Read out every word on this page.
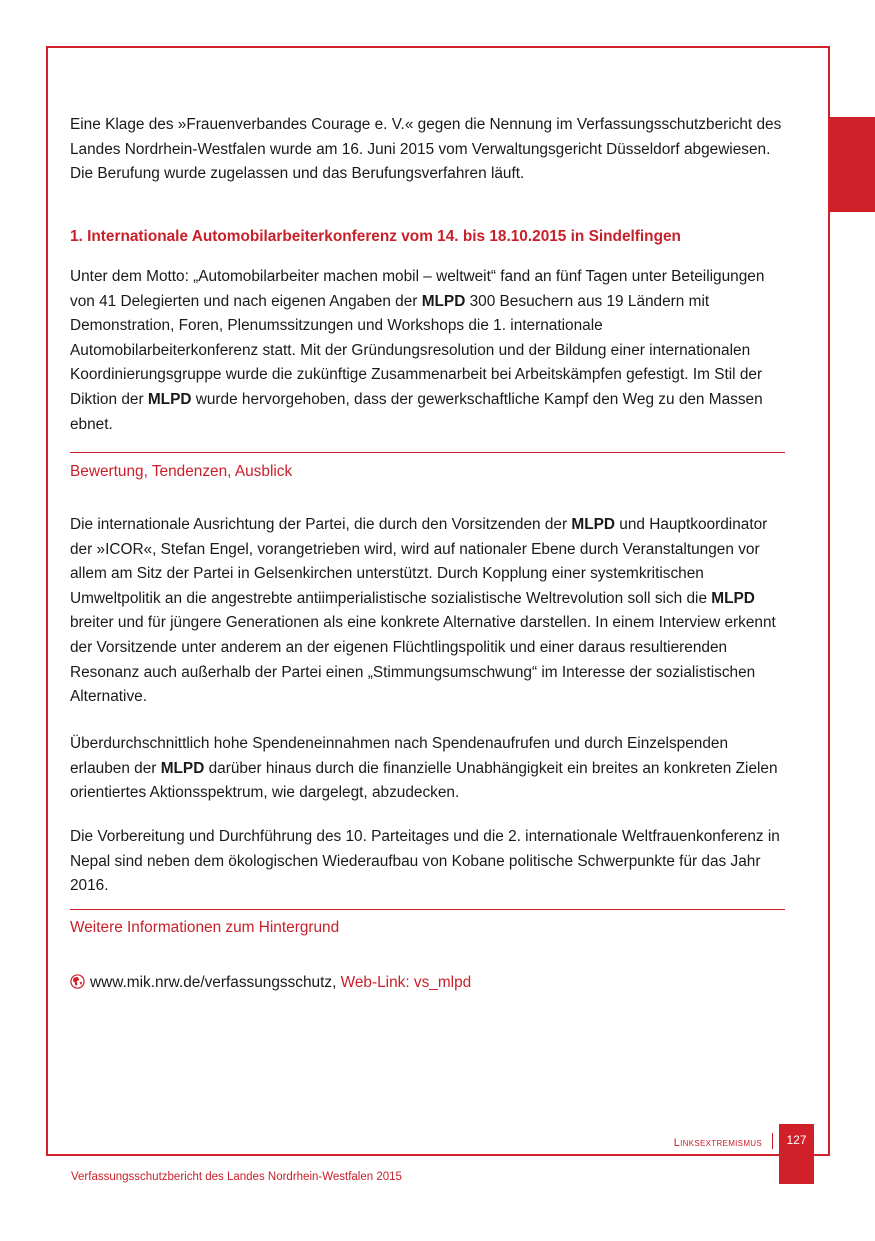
Eine Klage des »Frauenverbandes Courage e. V.« gegen die Nennung im Verfassungsschutzbericht des Landes Nordrhein-Westfalen wurde am 16. Juni 2015 vom Verwaltungsgericht Düsseldorf abgewiesen. Die Berufung wurde zugelassen und das Berufungsverfahren läuft.

1. Internationale Automobilarbeiterkonferenz vom 14. bis 18.10.2015 in Sindelfingen

Unter dem Motto: „Automobilarbeiter machen mobil – weltweit“ fand an fünf Tagen unter Beteiligungen von 41 Delegierten und nach eigenen Angaben der MLPD 300 Besuchern aus 19 Ländern mit Demonstration, Foren, Plenumssitzungen und Workshops die 1. internationale Automobilarbeiterkonferenz statt. Mit der Gründungsresolution und der Bildung einer internationalen Koordinierungsgruppe wurde die zukünftige Zusammenarbeit bei Arbeitskämpfen gefestigt. Im Stil der Diktion der MLPD wurde hervorgehoben, dass der gewerkschaftliche Kampf den Weg zu den Massen ebnet.

Bewertung, Tendenzen, Ausblick

Die internationale Ausrichtung der Partei, die durch den Vorsitzenden der MLPD und Hauptkoordinator der »ICOR«, Stefan Engel, vorangetrieben wird, wird auf nationaler Ebene durch Veranstaltungen vor allem am Sitz der Partei in Gelsenkirchen unterstützt. Durch Kopplung einer systemkritischen Umweltpolitik an die angestrebte antiimperialistische sozialistische Weltrevolution soll sich die MLPD breiter und für jüngere Generationen als eine konkrete Alternative darstellen. In einem Interview erkennt der Vorsitzende unter anderem an der eigenen Flüchtlingspolitik und einer daraus resultierenden Resonanz auch außerhalb der Partei einen „Stimmungsumschwung“ im Interesse der sozialistischen Alternative.

Überdurchschnittlich hohe Spendeneinnahmen nach Spendenaufrufen und durch Einzelspenden erlauben der MLPD darüber hinaus durch die finanzielle Unabhängigkeit ein breites an konkreten Zielen orientiertes Aktionsspektrum, wie dargelegt, abzudecken.

Die Vorbereitung und Durchführung des 10. Parteitages und die 2. internationale Weltfrauenkonferenz in Nepal sind neben dem ökologischen Wiederaufbau von Kobane politische Schwerpunkte für das Jahr 2016.

Weitere Informationen zum Hintergrund

www.mik.nrw.de/verfassungsschutz, Web-Link: vs_mlpd

Linksextremismus	127
Verfassungsschutzbericht des Landes Nordrhein-Westfalen 2015
